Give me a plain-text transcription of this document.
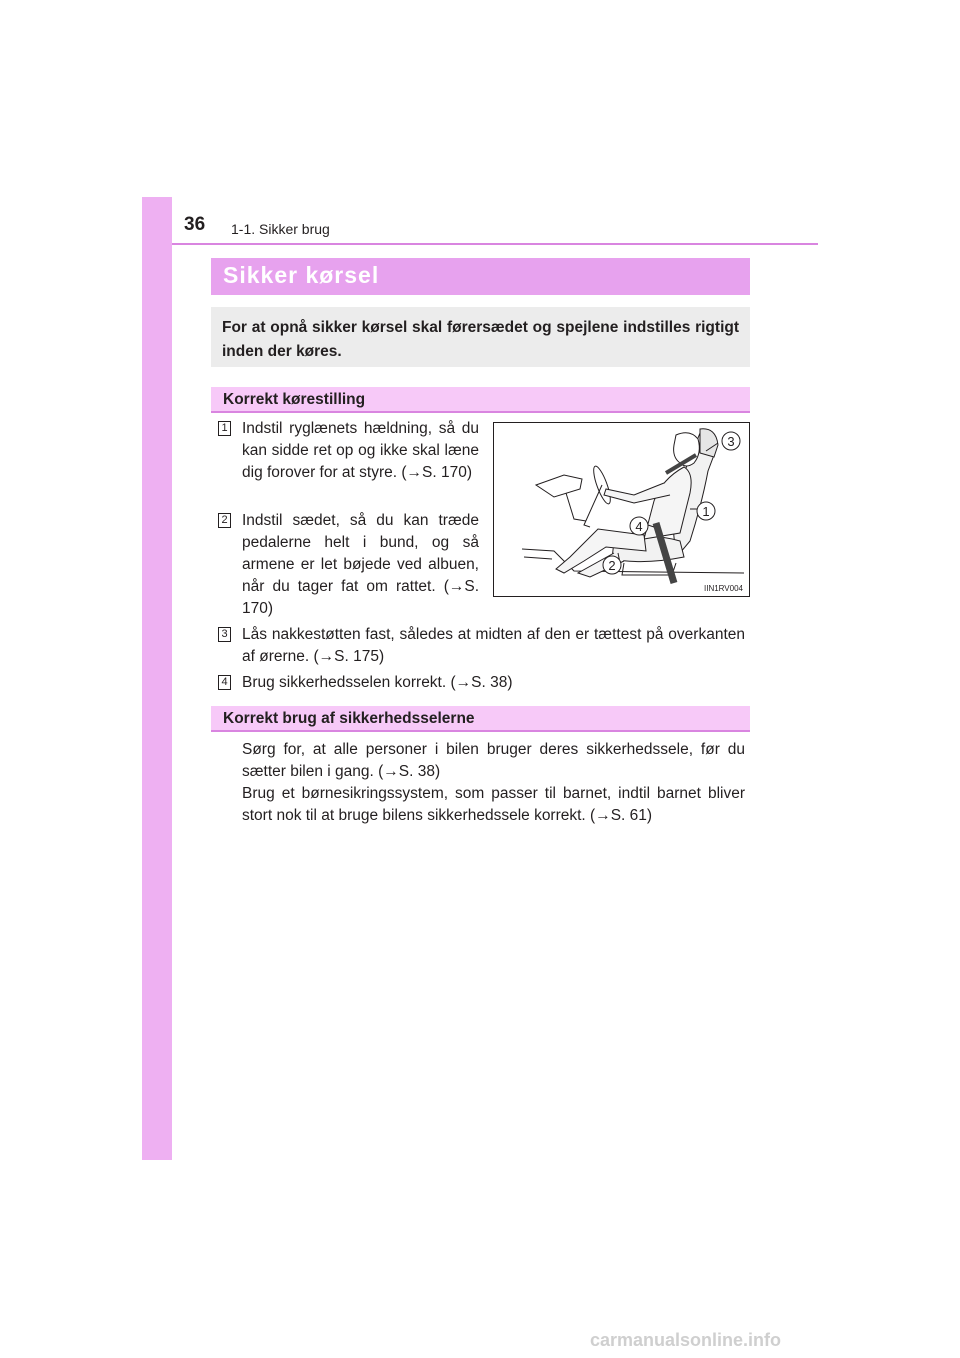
36 1-1. Sikker brug
Sikker kørsel

For at opnå sikker kørsel skal førersædet og spejlene indstilles rigtigt inden der køres.

Korrekt kørestilling
1 Indstil ryglænets hældning, så du kan sidde ret op og ikke skal læne dig forover for at styre. (→S. 170)

2 Indstil sædet, så du kan træde pedalerne helt i bund, og så armene er let bøjede ved albuen, når du tager fat om rattet. (→S. 170)

3
1
4
2
IIN1RV004
3 Lås nakkestøtten fast, således at midten af den er tættest på overkanten af ørerne. (→S. 175)

4 Brug sikkerhedsselen korrekt. (→S. 38)

Korrekt brug af sikkerhedsselerne

Sørg for, at alle personer i bilen bruger deres sikkerhedssele, før du sætter bilen i gang. (→S. 38)

Brug et børnesikringssystem, som passer til barnet, indtil barnet bliver stort nok til at bruge bilens sikkerhedssele korrekt. (→S. 61)

carmanualsonline.info
